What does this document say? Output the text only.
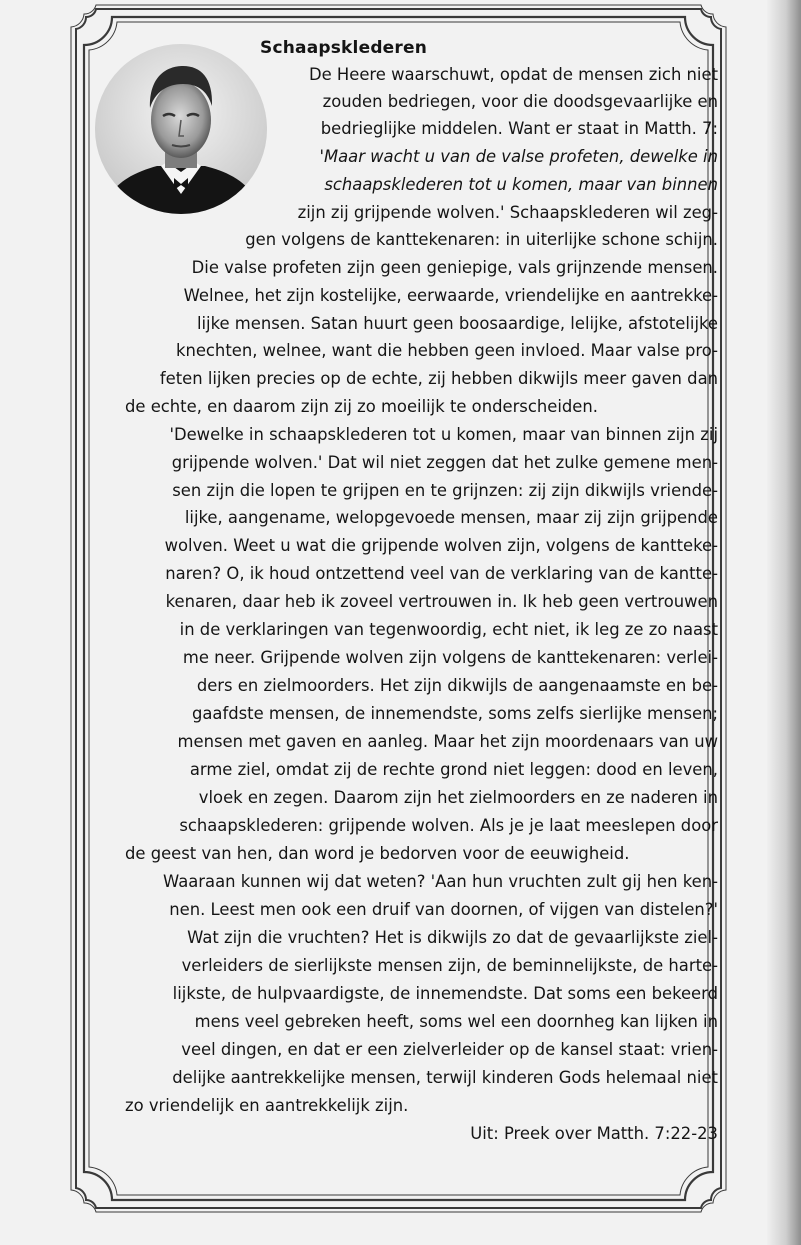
Schaapsklederen

De Heere waarschuwt, opdat de mensen zich niet

zouden bedriegen, voor die doodsgevaarlijke en

bedrieglijke middelen. Want er staat in Matth. 7:

'Maar wacht u van de valse profeten, dewelke in

schaapsklederen tot u komen, maar van binnen

zijn zij grijpende wolven.' Schaapsklederen wil zeg-

gen volgens de kanttekenaren: in uiterlijke schone schijn.

Die valse profeten zijn geen geniepige, vals grijnzende mensen.

Welnee, het zijn kostelijke, eerwaarde, vriendelijke en aantrekke-

lijke mensen. Satan huurt geen boosaardige, lelijke, afstotelijke

knechten, welnee, want die hebben geen invloed. Maar valse pro-

feten lijken precies op de echte, zij hebben dikwijls meer gaven dan

de echte, en daarom zijn zij zo moeilijk te onderscheiden.

'Dewelke in schaapsklederen tot u komen, maar van binnen zijn zij

grijpende wolven.' Dat wil niet zeggen dat het zulke gemene men-

sen zijn die lopen te grijpen en te grijnzen: zij zijn dikwijls vriende-

lijke, aangename, welopgevoede mensen, maar zij zijn grijpende

wolven. Weet u wat die grijpende wolven zijn, volgens de kantteke-

naren? O, ik houd ontzettend veel van de verklaring van de kantte-

kenaren, daar heb ik zoveel vertrouwen in. Ik heb geen vertrouwen

in de verklaringen van tegenwoordig, echt niet, ik leg ze zo naast

me neer. Grijpende wolven zijn volgens de kanttekenaren: verlei-

ders en zielmoorders. Het zijn dikwijls de aangenaamste en be-

gaafdste mensen, de innemendste, soms zelfs sierlijke mensen;

mensen met gaven en aanleg. Maar het zijn moordenaars van uw

arme ziel, omdat zij de rechte grond niet leggen: dood en leven,

vloek en zegen. Daarom zijn het zielmoorders en ze naderen in

schaapsklederen: grijpende wolven. Als je je laat meeslepen door

de geest van hen, dan word je bedorven voor de eeuwigheid.

Waaraan kunnen wij dat weten? 'Aan hun vruchten zult gij hen ken-

nen. Leest men ook een druif van doornen, of vijgen van distelen?'

Wat zijn die vruchten? Het is dikwijls zo dat de gevaarlijkste ziel-

verleiders de sierlijkste mensen zijn, de beminnelijkste, de harte-

lijkste, de hulpvaardigste, de innemendste. Dat soms een bekeerd

mens veel gebreken heeft, soms wel een doornheg kan lijken in

veel dingen, en dat er een zielverleider op de kansel staat: vrien-

delijke aantrekkelijke mensen, terwijl kinderen Gods helemaal niet

zo vriendelijk en aantrekkelijk zijn.

Uit: Preek over Matth. 7:22-23
